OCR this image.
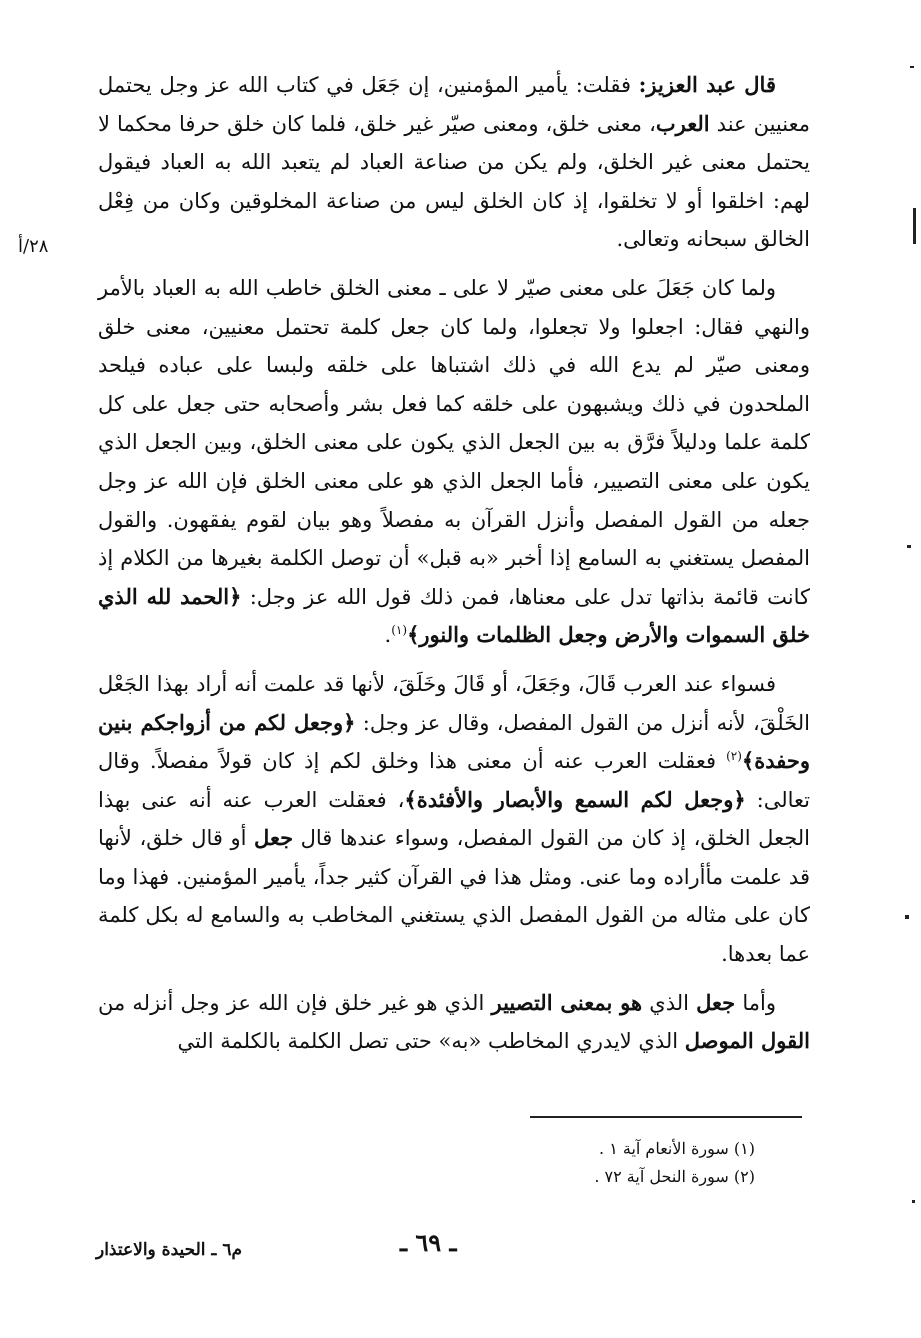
٢٨/أ

قال عبد العزيز: فقلت: يأمير المؤمنين، إن جَعَل في كتاب الله عز وجل يحتمل معنيين عند العرب، معنى خلق، ومعنى صيّر غير خلق، فلما كان خلق حرفا محكما لا يحتمل معنى غير الخلق، ولم يكن من صناعة العباد لم يتعبد الله به العباد فيقول لهم: اخلقوا أو لا تخلقوا، إذ كان الخلق ليس من صناعة المخلوقين وكان من فِعْل الخالق سبحانه وتعالى.

ولما كان جَعَلَ على معنى صيّر لا على ـ معنى الخلق خاطب الله به العباد بالأمر والنهي فقال: اجعلوا ولا تجعلوا، ولما كان جعل كلمة تحتمل معنيين، معنى خلق ومعنى صيّر لم يدع الله في ذلك اشتباها على خلقه ولبسا على عباده فيلحد الملحدون في ذلك ويشبهون على خلقه كما فعل بشر وأصحابه حتى جعل على كل كلمة علما ودليلاً فرَّق به بين الجعل الذي يكون على معنى الخلق، وبين الجعل الذي يكون على معنى التصيير، فأما الجعل الذي هو على معنى الخلق فإن الله عز وجل جعله من القول المفصل وأنزل القرآن به مفصلاً وهو بيان لقوم يفقهون. والقول المفصل يستغني به السامع إذا أخبر «به قبل» أن توصل الكلمة بغيرها من الكلام إذ كانت قائمة بذاتها تدل على معناها، فمن ذلك قول الله عز وجل: ﴿الحمد لله الذي خلق السموات والأرض وجعل الظلمات والنور﴾$^{(١)}$.

فسواء عند العرب قَالَ، وجَعَلَ، أو قَالَ وخَلَقَ، لأنها قد علمت أنه أراد بهذا الجَعْل الخَلْقَ، لأنه أنزل من القول المفصل، وقال عز وجل: ﴿وجعل لكم من أزواجكم بنين وحفدة﴾$^{(٢)}$ فعقلت العرب عنه أن معنى هذا وخلق لكم إذ كان قولاً مفصلاً. وقال تعالى: ﴿وجعل لكم السمع والأبصار والأفئدة﴾، فعقلت العرب عنه أنه عنى بهذا الجعل الخلق، إذ كان من القول المفصل، وسواء عندها قال جعل أو قال خلق، لأنها قد علمت مأأراده وما عنى. ومثل هذا في القرآن كثير جداً، يأمير المؤمنين. فهذا وما كان على مثاله من القول المفصل الذي يستغني المخاطب به والسامع له بكل كلمة عما بعدها.

وأما جعل الذي هو بمعنى التصيير الذي هو غير خلق فإن الله عز وجل أنزله من القول الموصل الذي لايدري المخاطب «به» حتى تصل الكلمة بالكلمة التي

(١) سورة الأنعام آية ١ .
(٢) سورة النحل آية ٧٢ .
م٦ ـ الحيدة والاعتذار	ـ ٦٩ ـ
